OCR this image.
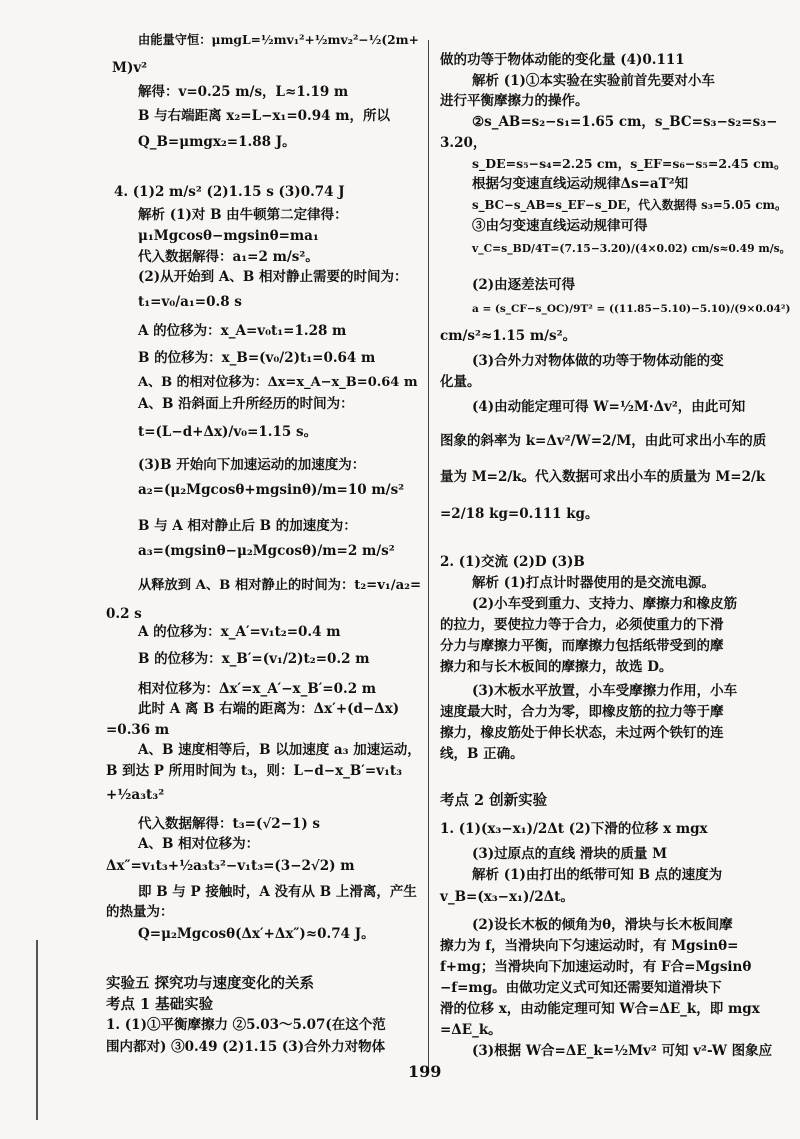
由能量守恒：μmgL=½mv₁²+½mv₂²−½(2m+
M)v²
解得：v=0.25 m/s，L≈1.19 m
B 与右端距离 x₂=L−x₁=0.94 m，所以
Q_B=μmgx₂=1.88 J。
4. (1)2 m/s² (2)1.15 s (3)0.74 J
解析 (1)对 B 由牛顿第二定律得：
μ₁Mgcosθ−mgsinθ=ma₁
代入数据解得：a₁=2 m/s²。
(2)从开始到 A、B 相对静止需要的时间为：
t₁=v₀/a₁=0.8 s
A 的位移为：x_A=v₀t₁=1.28 m
B 的位移为：x_B=(v₀/2)t₁=0.64 m
A、B 的相对位移为：Δx=x_A−x_B=0.64 m
A、B 沿斜面上升所经历的时间为：
t=(L−d+Δx)/v₀=1.15 s。
(3)B 开始向下加速运动的加速度为：
a₂=(μ₂Mgcosθ+mgsinθ)/m=10 m/s²
B 与 A 相对静止后 B 的加速度为：
a₃=(mgsinθ−μ₂Mgcosθ)/m=2 m/s²
从释放到 A、B 相对静止的时间为：t₂=v₁/a₂=
0.2 s
A 的位移为：x_A′=v₁t₂=0.4 m
B 的位移为：x_B′=(v₁/2)t₂=0.2 m
相对位移为：Δx′=x_A′−x_B′=0.2 m
此时 A 离 B 右端的距离为：Δx′+(d−Δx)
=0.36 m
A、B 速度相等后，B 以加速度 a₃ 加速运动，
B 到达 P 所用时间为 t₃，则：L−d−x_B′=v₁t₃
+½a₃t₃²
代入数据解得：t₃=(√2−1) s
A、B 相对位移为：
Δx″=v₁t₃+½a₃t₃²−v₁t₃=(3−2√2) m
即 B 与 P 接触时，A 没有从 B 上滑离，产生
的热量为：
Q=μ₂Mgcosθ(Δx′+Δx″)≈0.74 J。
实验五 探究功与速度变化的关系
考点 1 基础实验
1. (1)①平衡摩擦力 ②5.03～5.07(在这个范
围内都对) ③0.49 (2)1.15 (3)合外力对物体
做的功等于物体动能的变化量 (4)0.111
解析 (1)①本实验在实验前首先要对小车
进行平衡摩擦力的操作。
②s_AB=s₂−s₁=1.65 cm，s_BC=s₃−s₂=s₃−
3.20，
s_DE=s₅−s₄=2.25 cm，s_EF=s₆−s₅=2.45 cm。
根据匀变速直线运动规律Δs=aT²知
s_BC−s_AB=s_EF−s_DE，代入数据得 s₃=5.05 cm。
③由匀变速直线运动规律可得
v_C=s_BD/4T=(7.15−3.20)/(4×0.02) cm/s≈0.49 m/s。
(2)由逐差法可得
a = (s_CF−s_OC)/9T² = ((11.85−5.10)−5.10)/(9×0.04²)
cm/s²≈1.15 m/s²。
(3)合外力对物体做的功等于物体动能的变
化量。
(4)由动能定理可得 W=½M·Δv²，由此可知
图象的斜率为 k=Δv²/W=2/M，由此可求出小车的质
量为 M=2/k。代入数据可求出小车的质量为 M=2/k
=2/18 kg=0.111 kg。
2. (1)交流 (2)D (3)B
解析 (1)打点计时器使用的是交流电源。
(2)小车受到重力、支持力、摩擦力和橡皮筋
的拉力，要使拉力等于合力，必须使重力的下滑
分力与摩擦力平衡，而摩擦力包括纸带受到的摩
擦力和与长木板间的摩擦力，故选 D。
(3)木板水平放置，小车受摩擦力作用，小车
速度最大时，合力为零，即橡皮筋的拉力等于摩
擦力，橡皮筋处于伸长状态，未过两个铁钉的连
线，B 正确。
考点 2 创新实验
1. (1)(x₃−x₁)/2Δt (2)下滑的位移 x mgx
(3)过原点的直线 滑块的质量 M
解析 (1)由打出的纸带可知 B 点的速度为
v_B=(x₃−x₁)/2Δt。
(2)设长木板的倾角为θ，滑块与长木板间摩
擦力为 f，当滑块向下匀速运动时，有 Mgsinθ=
f+mg；当滑块向下加速运动时，有 F合=Mgsinθ
−f=mg。由做功定义式可知还需要知道滑块下
滑的位移 x，由动能定理可知 W合=ΔE_k，即 mgx
=ΔE_k。
(3)根据 W合=ΔE_k=½Mv² 可知 v²-W 图象应
199
